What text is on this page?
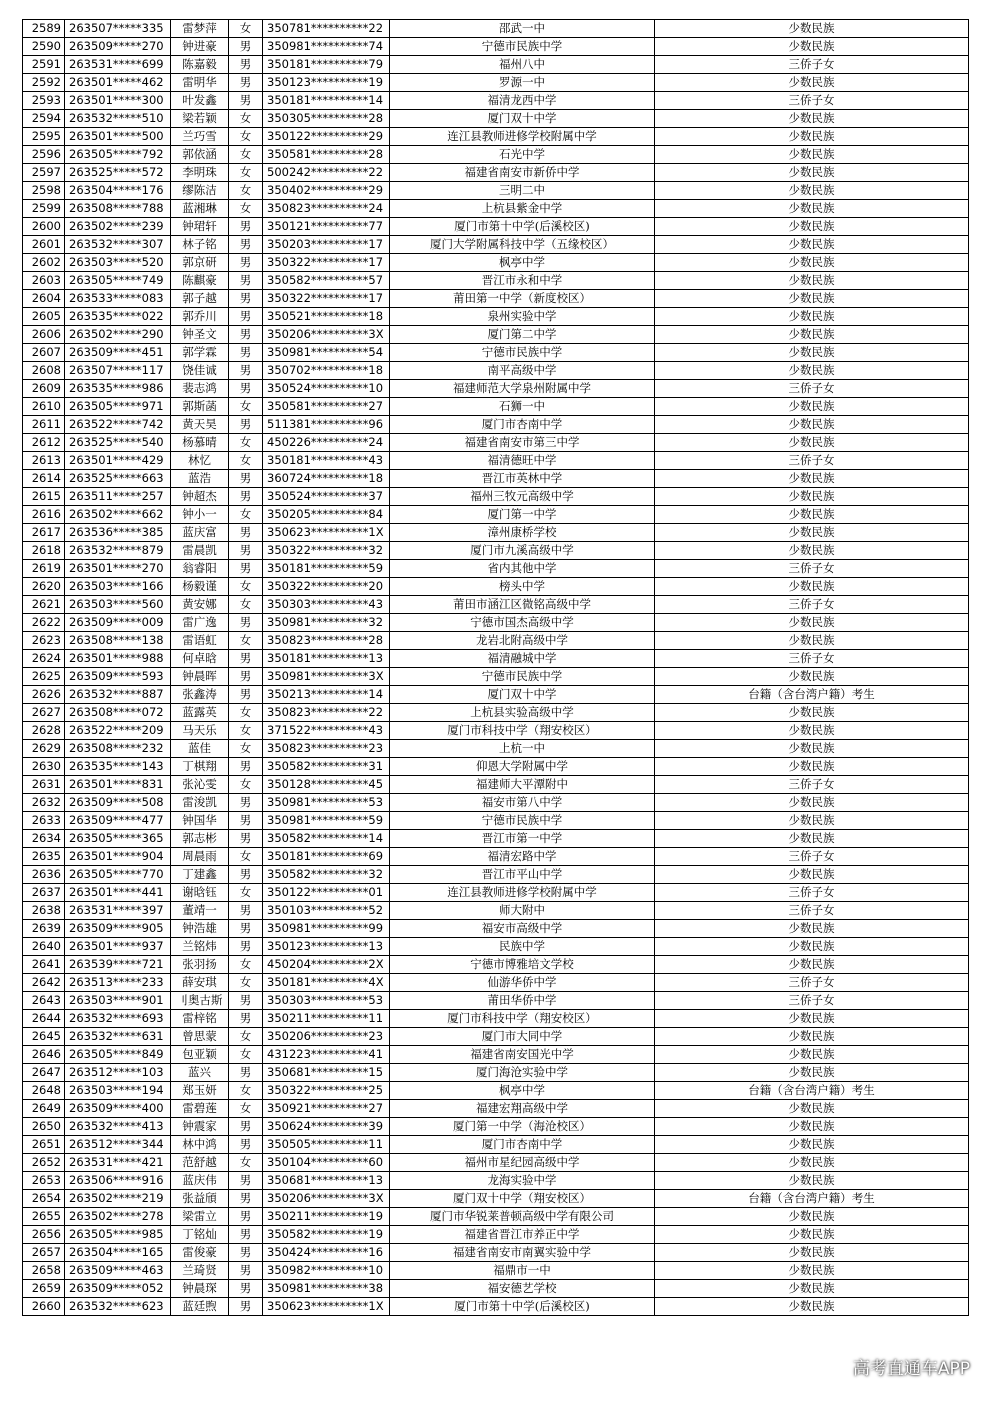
2589	263507*****335	雷梦萍	女	350781**********22	邵武一中	少数民族
2590	263509*****270	钟进豪	男	350981**********74	宁德市民族中学	少数民族
2591	263531*****699	陈嘉毅	男	350181**********79	福州八中	三侨子女
2592	263501*****462	雷明华	男	350123**********19	罗源一中	少数民族
2593	263501*****300	叶发鑫	男	350181**********14	福清龙西中学	三侨子女
2594	263532*****510	梁若颖	女	350305**********28	厦门双十中学	少数民族
2595	263501*****500	兰巧雪	女	350122**********29	连江县教师进修学校附属中学	少数民族
2596	263505*****792	郭依涵	女	350581**********28	石光中学	少数民族
2597	263525*****572	李明珠	女	500242**********22	福建省南安市新侨中学	少数民族
2598	263504*****176	缪陈洁	女	350402**********29	三明二中	少数民族
2599	263508*****788	蓝湘琳	女	350823**********24	上杭县紫金中学	少数民族
2600	263502*****239	钟珺轩	男	350121**********77	厦门市第十中学(后溪校区)	少数民族
2601	263532*****307	林子铭	男	350203**********17	厦门大学附属科技中学（五缘校区）	少数民族
2602	263503*****520	郭京研	男	350322**********17	枫亭中学	少数民族
2603	263505*****749	陈麒豪	男	350582**********57	晋江市永和中学	少数民族
2604	263533*****083	郭子越	男	350322**********17	莆田第一中学（新度校区）	少数民族
2605	263535*****022	郭乔川	男	350521**********18	泉州实验中学	少数民族
2606	263502*****290	钟圣文	男	350206**********3X	厦门第二中学	少数民族
2607	263509*****451	郭学霖	男	350981**********54	宁德市民族中学	少数民族
2608	263507*****117	饶佳诚	男	350702**********18	南平高级中学	少数民族
2609	263535*****986	裴志鸿	男	350524**********10	福建师范大学泉州附属中学	三侨子女
2610	263505*****971	郭斯菡	女	350581**********27	石狮一中	少数民族
2611	263522*****742	黄天昊	男	511381**********96	厦门市杏南中学	少数民族
2612	263525*****540	杨慕晴	女	450226**********24	福建省南安市第三中学	少数民族
2613	263501*****429	林忆	女	350181**********43	福清德旺中学	三侨子女
2614	263525*****663	蓝浩	男	360724**********18	晋江市英林中学	少数民族
2615	263511*****257	钟超杰	男	350524**********37	福州三牧元高级中学	少数民族
2616	263502*****662	钟小一	女	350205**********84	厦门第一中学	少数民族
2617	263536*****385	蓝庆富	男	350623**********1X	漳州康桥学校	少数民族
2618	263532*****879	雷晨凯	男	350322**********32	厦门市九溪高级中学	少数民族
2619	263501*****270	翁睿阳	男	350181**********59	省内其他中学	三侨子女
2620	263503*****166	杨毅谨	女	350322**********20	榜头中学	少数民族
2621	263503*****560	黄安娜	女	350303**********43	莆田市涵江区微铭高级中学	三侨子女
2622	263509*****009	雷广逸	男	350981**********32	宁德市国杰高级中学	少数民族
2623	263508*****138	雷语虹	女	350823**********28	龙岩北附高级中学	少数民族
2624	263501*****988	何卓晗	男	350181**********13	福清融城中学	三侨子女
2625	263509*****593	钟晨晖	男	350981**********3X	宁德市民族中学	少数民族
2626	263532*****887	张鑫涛	男	350213**********14	厦门双十中学	台籍（含台湾户籍）考生
2627	263508*****072	蓝露英	女	350823**********22	上杭县实验高级中学	少数民族
2628	263522*****209	马天乐	女	371522**********43	厦门市科技中学（翔安校区）	少数民族
2629	263508*****232	蓝佳	女	350823**********23	上杭一中	少数民族
2630	263535*****143	丁棋翔	男	350582**********31	仰恩大学附属中学	少数民族
2631	263501*****831	张沁雯	女	350128**********45	福建师大平潭附中	三侨子女
2632	263509*****508	雷浚凯	男	350981**********53	福安市第八中学	少数民族
2633	263509*****477	钟国华	男	350981**********59	宁德市民族中学	少数民族
2634	263505*****365	郭志彬	男	350582**********14	晋江市第一中学	少数民族
2635	263501*****904	周晨雨	女	350181**********69	福清宏路中学	三侨子女
2636	263505*****770	丁建鑫	男	350582**********32	晋江市平山中学	少数民族
2637	263501*****441	谢晗钰	女	350122**********01	连江县教师进修学校附属中学	三侨子女
2638	263531*****397	董靖一	男	350103**********52	师大附中	三侨子女
2639	263509*****905	钟浩雄	男	350981**********99	福安市高级中学	少数民族
2640	263501*****937	兰铭炜	男	350123**********13	民族中学	少数民族
2641	263539*****721	张羽扬	女	450204**********2X	宁德市博雅培文学校	少数民族
2642	263513*****233	薛安琪	女	350181**********4X	仙游华侨中学	三侨子女
2643	263503*****901	刂奥古斯	男	350303**********53	莆田华侨中学	三侨子女
2644	263532*****693	雷梓铭	男	350211**********11	厦门市科技中学（翔安校区）	少数民族
2645	263532*****631	曾思蒙	女	350206**********23	厦门市大同中学	少数民族
2646	263505*****849	包亚颖	女	431223**********41	福建省南安国光中学	少数民族
2647	263512*****103	蓝兴	男	350681**********15	厦门海沧实验中学	少数民族
2648	263503*****194	郑玉妍	女	350322**********25	枫亭中学	台籍（含台湾户籍）考生
2649	263509*****400	雷碧莲	女	350921**********27	福建宏翔高级中学	少数民族
2650	263532*****413	钟震家	男	350624**********39	厦门第一中学（海沧校区）	少数民族
2651	263512*****344	林中鸿	男	350505**********11	厦门市杏南中学	少数民族
2652	263531*****421	范舒越	女	350104**********60	福州市星纪园高级中学	少数民族
2653	263506*****916	蓝庆伟	男	350681**********13	龙海实验中学	少数民族
2654	263502*****219	张益頎	男	350206**********3X	厦门双十中学（翔安校区）	台籍（含台湾户籍）考生
2655	263502*****278	梁雷立	男	350211**********19	厦门市华锐莱普顿高级中学有限公司	少数民族
2656	263505*****985	丁铭灿	男	350582**********19	福建省晋江市养正中学	少数民族
2657	263504*****165	雷俊豪	男	350424**********16	福建省南安市南翼实验中学	少数民族
2658	263509*****463	兰琦贤	男	350982**********10	福鼎市一中	少数民族
2659	263509*****052	钟晨琛	男	350981**********38	福安德艺学校	少数民族
2660	263532*****623	蓝廷煦	男	350623**********1X	厦门市第十中学(后溪校区)	少数民族
高考直通车APP
